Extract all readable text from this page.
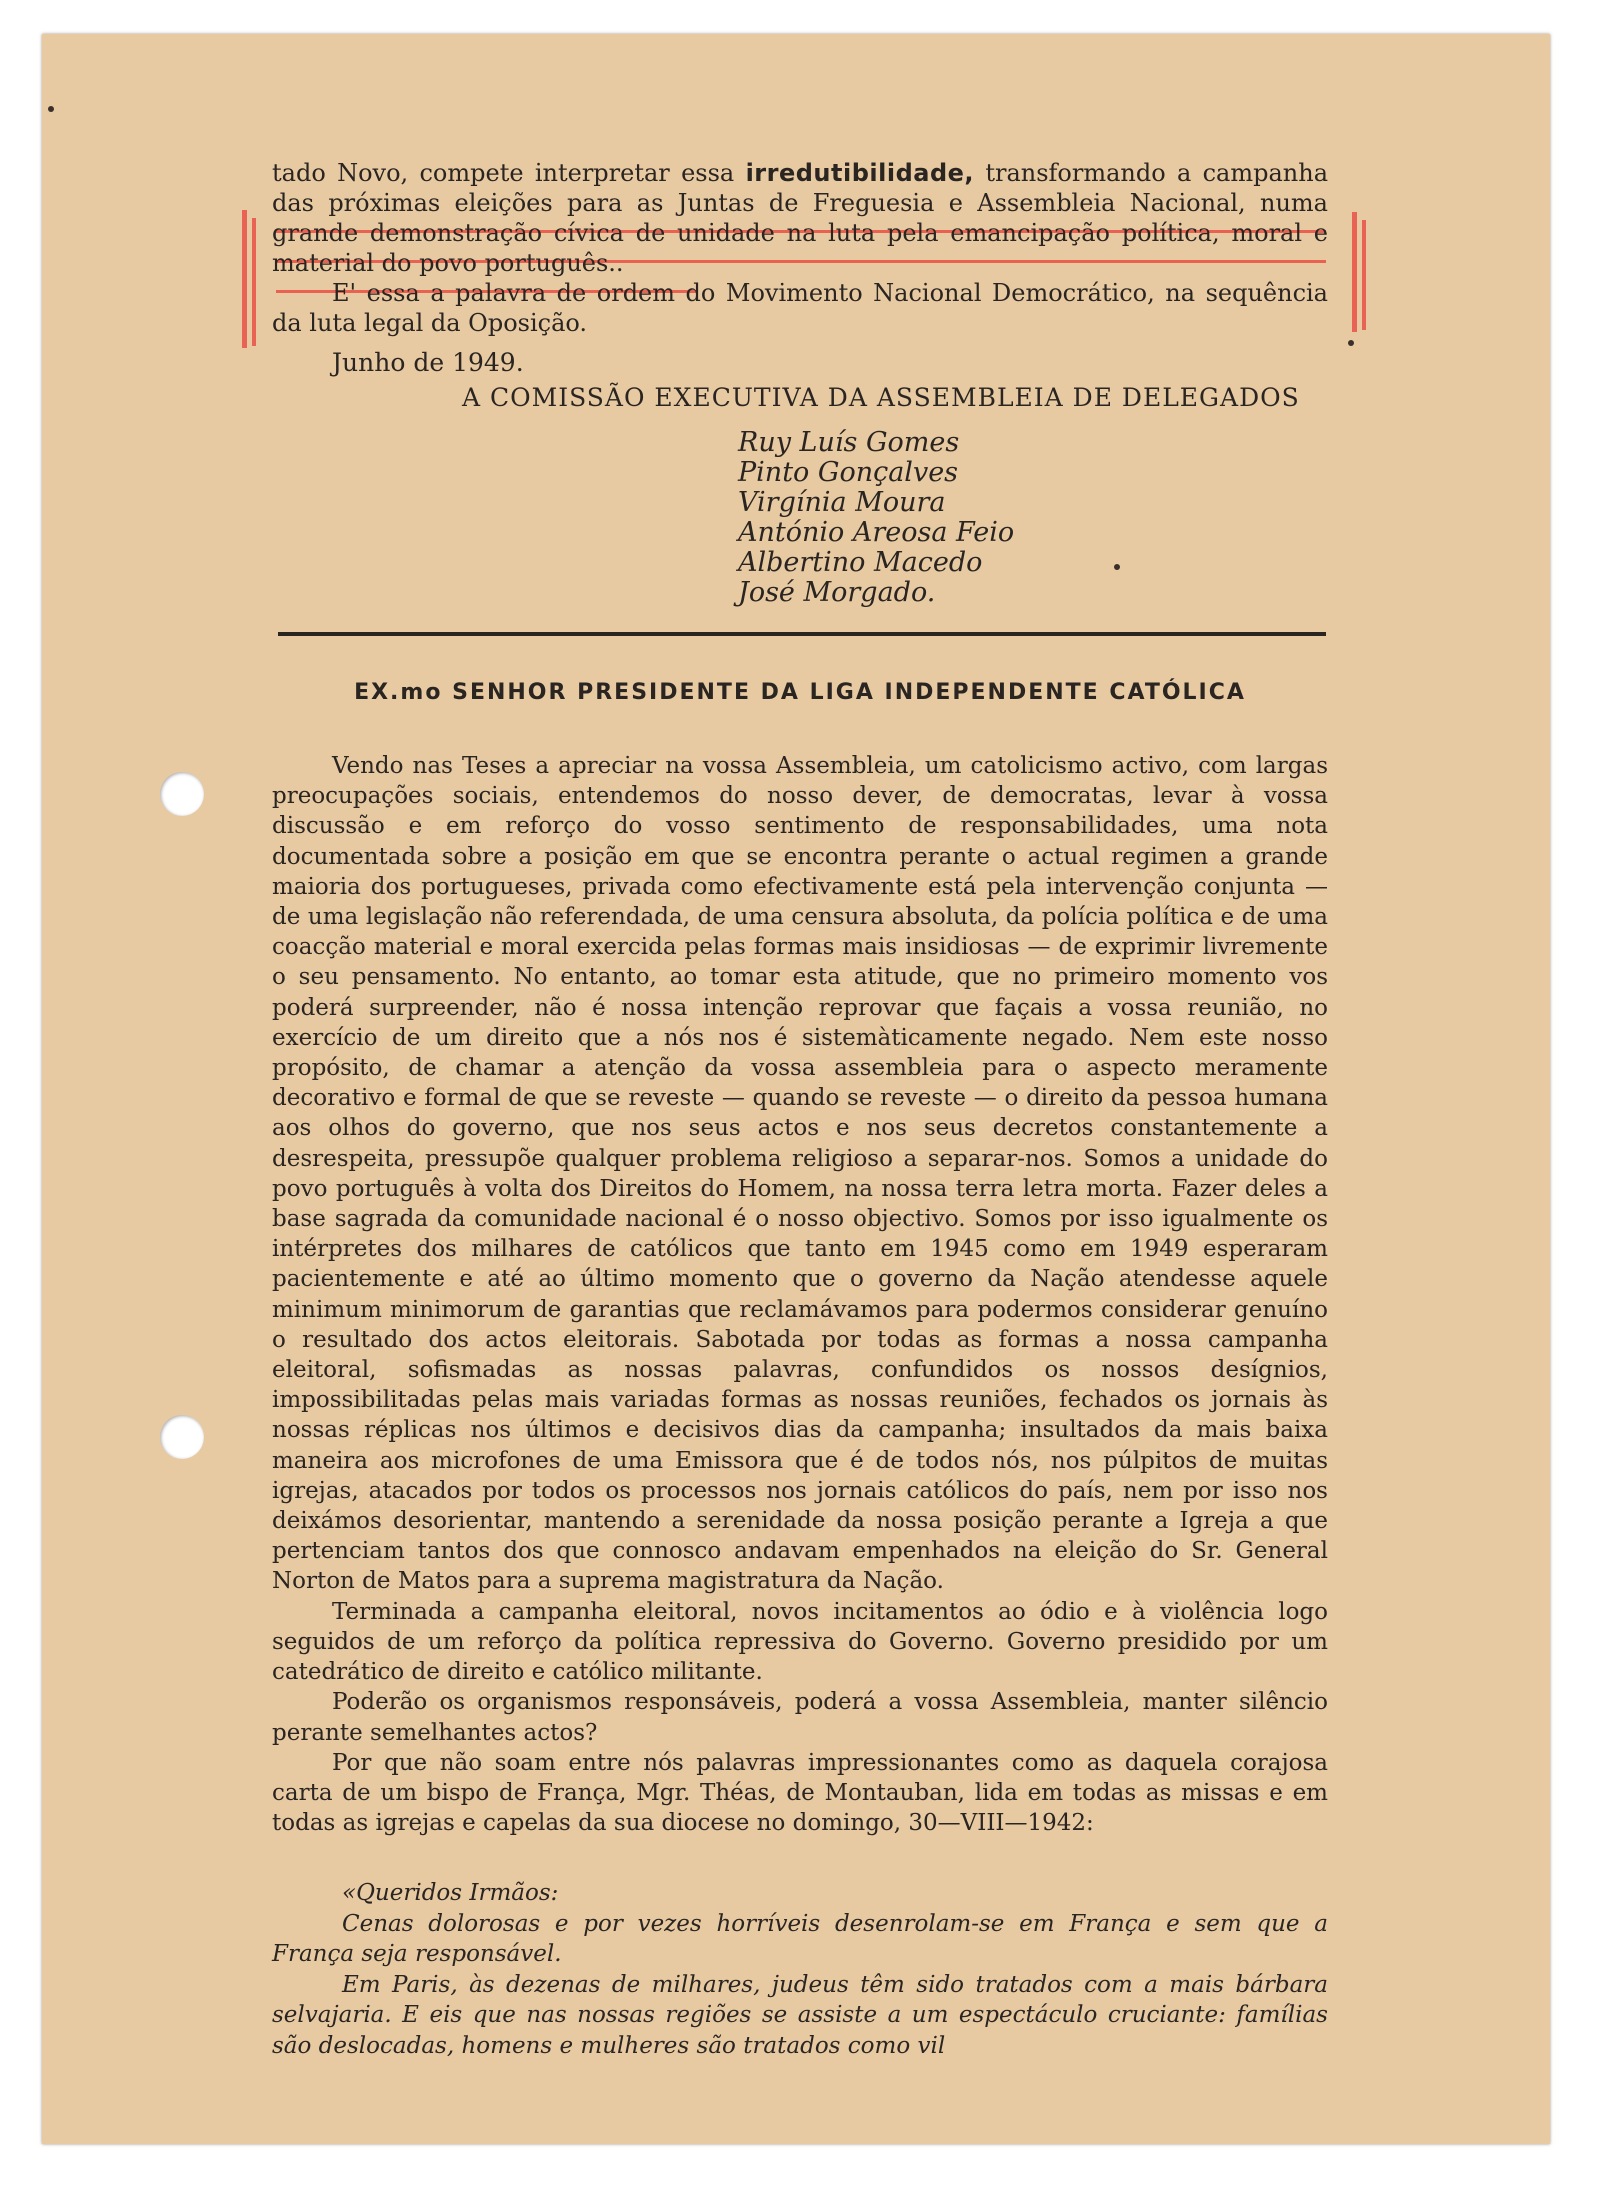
tado Novo, compete interpretar essa irredutibilidade, transformando a campanha das próximas eleições para as Juntas de Freguesia e Assembleia Nacional, numa grande demonstração cívica de unidade na luta pela emancipação política, moral e material do povo português..

E' essa a palavra de ordem do Movimento Nacional Democrático, na sequência da luta legal da Oposição.

Junho de 1949.
A COMISSÃO EXECUTIVA DA ASSEMBLEIA DE DELEGADOS
Ruy Luís Gomes
Pinto Gonçalves
Virgínia Moura
António Areosa Feio
Albertino Macedo
José Morgado.
EX.mo SENHOR PRESIDENTE DA LIGA INDEPENDENTE CATÓLICA

Vendo nas Teses a apreciar na vossa Assembleia, um catolicismo activo, com largas preocupações sociais, entendemos do nosso dever, de democratas, levar à vossa discussão e em reforço do vosso sentimento de responsabilidades, uma nota documentada sobre a posição em que se encontra perante o actual regimen a grande maioria dos portugueses, privada como efectivamente está pela intervenção conjunta — de uma legislação não referendada, de uma censura absoluta, da polícia política e de uma coacção material e moral exercida pelas formas mais insidiosas — de exprimir livremente o seu pensamento. No entanto, ao tomar esta atitude, que no primeiro momento vos poderá surpreender, não é nossa intenção reprovar que façais a vossa reunião, no exercício de um direito que a nós nos é sistemàticamente negado. Nem este nosso propósito, de chamar a atenção da vossa assembleia para o aspecto meramente decorativo e formal de que se reveste — quando se reveste — o direito da pessoa humana aos olhos do governo, que nos seus actos e nos seus decretos constantemente a desrespeita, pressupõe qualquer problema religioso a separar-nos. Somos a unidade do povo português à volta dos Direitos do Homem, na nossa terra letra morta. Fazer deles a base sagrada da comunidade nacional é o nosso objectivo. Somos por isso igualmente os intérpretes dos milhares de católicos que tanto em 1945 como em 1949 esperaram pacientemente e até ao último momento que o governo da Nação atendesse aquele minimum minimorum de garantias que reclamávamos para podermos considerar genuíno o resultado dos actos eleitorais. Sabotada por todas as formas a nossa campanha eleitoral, sofismadas as nossas palavras, confundidos os nossos desígnios, impossibilitadas pelas mais variadas formas as nossas reuniões, fechados os jornais às nossas réplicas nos últimos e decisivos dias da campanha; insultados da mais baixa maneira aos microfones de uma Emissora que é de todos nós, nos púlpitos de muitas igrejas, atacados por todos os processos nos jornais católicos do país, nem por isso nos deixámos desorientar, mantendo a serenidade da nossa posição perante a Igreja a que pertenciam tantos dos que connosco andavam empenhados na eleição do Sr. General Norton de Matos para a suprema magistratura da Nação.

Terminada a campanha eleitoral, novos incitamentos ao ódio e à violência logo seguidos de um reforço da política repressiva do Governo. Governo presidido por um catedrático de direito e católico militante.

Poderão os organismos responsáveis, poderá a vossa Assembleia, manter silêncio perante semelhantes actos?

Por que não soam entre nós palavras impressionantes como as daquela corajosa carta de um bispo de França, Mgr. Théas, de Montauban, lida em todas as missas e em todas as igrejas e capelas da sua diocese no domingo, 30—VIII—1942:

«Queridos Irmãos:

Cenas dolorosas e por vezes horríveis desenrolam-se em França e sem que a França seja responsável.

Em Paris, às dezenas de milhares, judeus têm sido tratados com a mais bárbara selvajaria. E eis que nas nossas regiões se assiste a um espectáculo cruciante: famílias são deslocadas, homens e mulheres são tratados como vil
